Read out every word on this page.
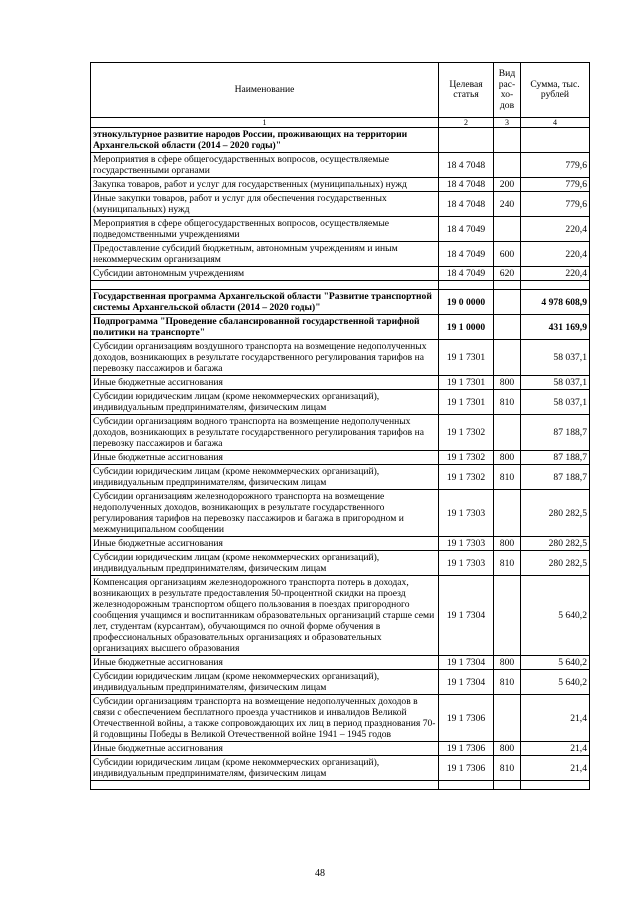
Наименование	Целевая статья	Вид рас-хо-дов	Сумма, тыс. рублей
1	2	3	4
этнокультурное развитие народов России, проживающих на территории Архангельской области (2014 – 2020 годы)"			
Мероприятия в сфере общегосударственных вопросов, осуществляемые государственными органами	18 4 7048		779,6
Закупка товаров, работ и услуг для государственных (муниципальных) нужд	18 4 7048	200	779,6
Иные закупки товаров, работ и услуг для обеспечения государственных (муниципальных) нужд	18 4 7048	240	779,6
Мероприятия в сфере общегосударственных вопросов, осуществляемые подведомственными учреждениями	18 4 7049		220,4
Предоставление субсидий бюджетным, автономным учреждениям и иным некоммерческим организациям	18 4 7049	600	220,4
Субсидии автономным учреждениям	18 4 7049	620	220,4

Государственная программа Архангельской области "Развитие транспортной системы Архангельской области (2014 – 2020 годы)"	19 0 0000		4 978 608,9
Подпрограмма "Проведение сбалансированной государственной тарифной политики на транспорте"	19 1 0000		431 169,9
Субсидии организациям воздушного транспорта на возмещение недополученных доходов, возникающих в результате государственного регулирования тарифов на перевозку пассажиров и багажа	19 1 7301		58 037,1
Иные бюджетные ассигнования	19 1 7301	800	58 037,1
Субсидии юридическим лицам (кроме некоммерческих организаций), индивидуальным предпринимателям, физическим лицам	19 1 7301	810	58 037,1
Субсидии организациям водного транспорта на возмещение недополученных доходов, возникающих в результате государственного регулирования тарифов на перевозку пассажиров и багажа	19 1 7302		87 188,7
Иные бюджетные ассигнования	19 1 7302	800	87 188,7
Субсидии юридическим лицам (кроме некоммерческих организаций), индивидуальным предпринимателям, физическим лицам	19 1 7302	810	87 188,7
Субсидии организациям железнодорожного транспорта на возмещение недополученных доходов, возникающих в результате государственного регулирования тарифов на перевозку пассажиров и багажа в пригородном и межмуниципальном сообщении	19 1 7303		280 282,5
Иные бюджетные ассигнования	19 1 7303	800	280 282,5
Субсидии юридическим лицам (кроме некоммерческих организаций), индивидуальным предпринимателям, физическим лицам	19 1 7303	810	280 282,5
Компенсация организациям железнодорожного транспорта потерь в доходах, возникающих в результате предоставления 50-процентной скидки на проезд железнодорожным транспортом общего пользования в поездах пригородного сообщения учащимся и воспитанникам образовательных организаций старше семи лет, студентам (курсантам), обучающимся по очной форме обучения в профессиональных образовательных организациях и образовательных организациях высшего образования	19 1 7304		5 640,2
Иные бюджетные ассигнования	19 1 7304	800	5 640,2
Субсидии юридическим лицам (кроме некоммерческих организаций), индивидуальным предпринимателям, физическим лицам	19 1 7304	810	5 640,2
Субсидии организациям транспорта на возмещение недополученных доходов в связи с обеспечением бесплатного проезда участников и инвалидов Великой Отечественной войны, а также сопровождающих их лиц в период празднования 70-й годовщины Победы в Великой Отечественной войне 1941 – 1945 годов	19 1 7306		21,4
Иные бюджетные ассигнования	19 1 7306	800	21,4
Субсидии юридическим лицам (кроме некоммерческих организаций), индивидуальным предпринимателям, физическим лицам	19 1 7306	810	21,4

48
